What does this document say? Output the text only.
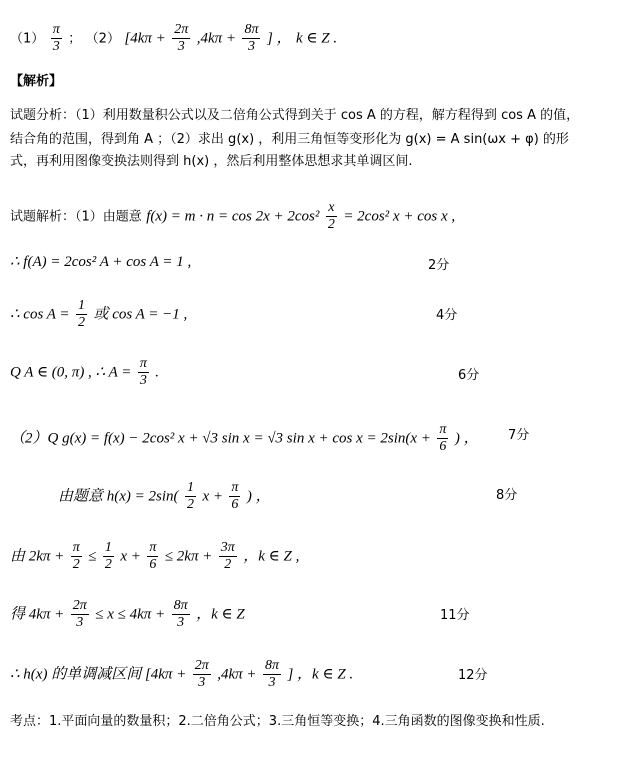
$(1) \frac{\pi}{3}$ ； （2） [$4k\pi + \frac{2\pi}{3} ,4k\pi + \frac{8\pi}{3}$ ] ， k ∈ Z .
【解析】
试题分析：（1）利用数量积公式以及二倍角公式得到关于 cos A 的方程，解方程得到 cos A 的值，
结合角的范围，得到角 A ；（2）求出 g(x) ，利用三角恒等变形化为 g(x) = A sin(ωx + φ) 的形
式，再利用图像变换法则得到 h(x) ，然后利用整体思想求其单调区间.
试题解析：（1）由题意 $f(x) = m \cdot n = \cos 2x + 2\cos^2 \frac{x}{2} = 2\cos^2$ x + cos x ,
∴ f(A) = 2cos² A + cos A = 1 ,	2分
∴ $\cos A = \frac{1}{2}$ 或 cos A = −1 ,	4分
Q A ∈ (0, π) , ∴ $A = \frac{\pi}{3}$ .	6分
（2）Q g(x) = f(x) − 2cos² x + √3 sin x = √3 $\sin x + \cos x = 2\sin(x + \frac{\pi}{6}$ ) ， 7分
由题意 $h(x) = 2\sin( \frac{1}{2}$ $x + \frac{\pi}{6}$ ) ，	8分
由 $2k\pi + \frac{\pi}{2} \le \frac{1}{2}$ $x + \frac{\pi}{6} \le 2k\pi + \frac{3\pi}{2}$ ，k ∈ Z ,
得 $4k\pi + \frac{2\pi}{3} \le x \le 4k\pi + \frac{8\pi}{3}$ ，k ∈ Z	11分
∴ h(x) 的单调减区间 [$4k\pi + \frac{2\pi}{3} ,4k\pi + \frac{8\pi}{3}$ ] ，k ∈ Z .	12分
考点：1.平面向量的数量积；2.二倍角公式；3.三角恒等变换；4.三角函数的图像变换和性质.
